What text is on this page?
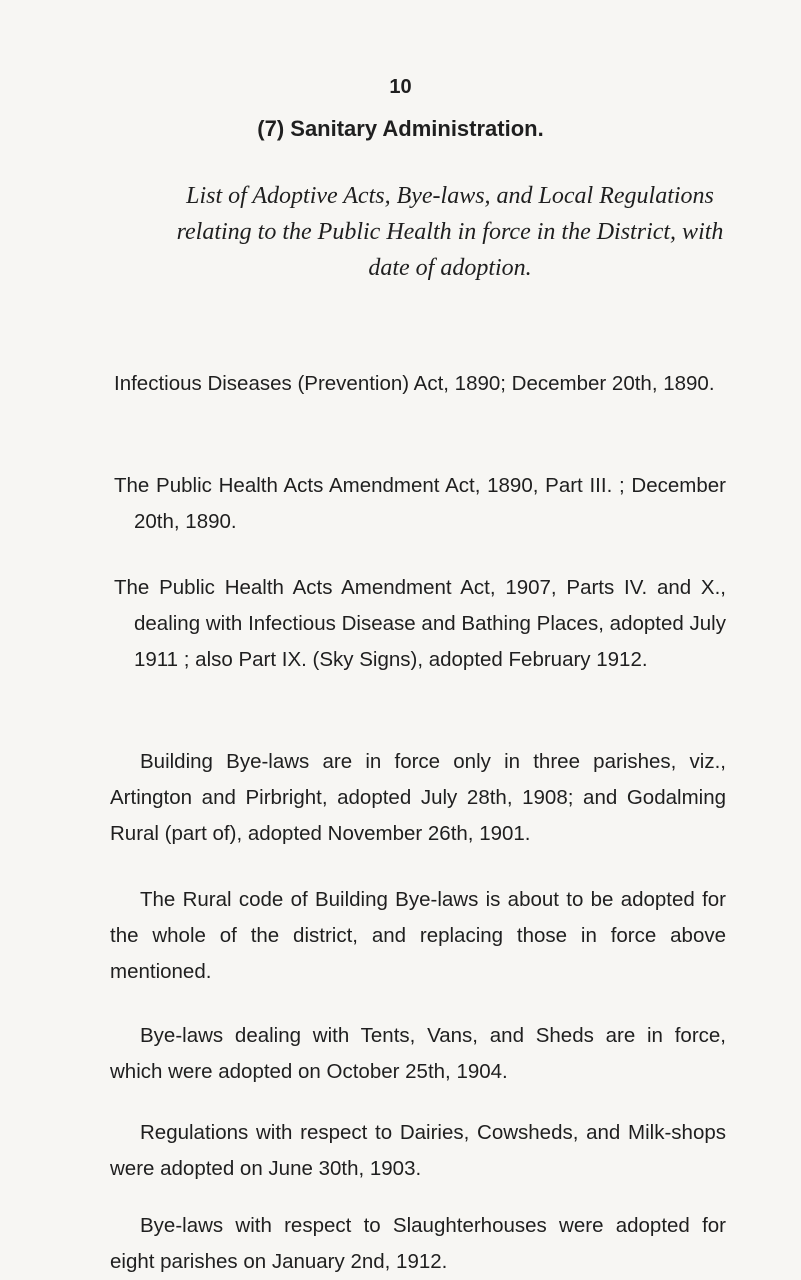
10
(7) Sanitary Administration.
List of Adoptive Acts, Bye-laws, and Local Regulations relating to the Public Health in force in the District, with date of adoption.
Infectious Diseases (Prevention) Act, 1890; December 20th, 1890.
The Public Health Acts Amendment Act, 1890, Part III. ; December 20th, 1890.
The Public Health Acts Amendment Act, 1907, Parts IV. and X., dealing with Infectious Disease and Bathing Places, adopted July 1911 ; also Part IX. (Sky Signs), adopted February 1912.
Building Bye-laws are in force only in three parishes, viz., Artington and Pirbright, adopted July 28th, 1908; and Godalming Rural (part of), adopted November 26th, 1901.
The Rural code of Building Bye-laws is about to be adopted for the whole of the district, and replacing those in force above mentioned.
Bye-laws dealing with Tents, Vans, and Sheds are in force, which were adopted on October 25th, 1904.
Regulations with respect to Dairies, Cowsheds, and Milk-shops were adopted on June 30th, 1903.
Bye-laws with respect to Slaughterhouses were adopted for eight parishes on January 2nd, 1912.
